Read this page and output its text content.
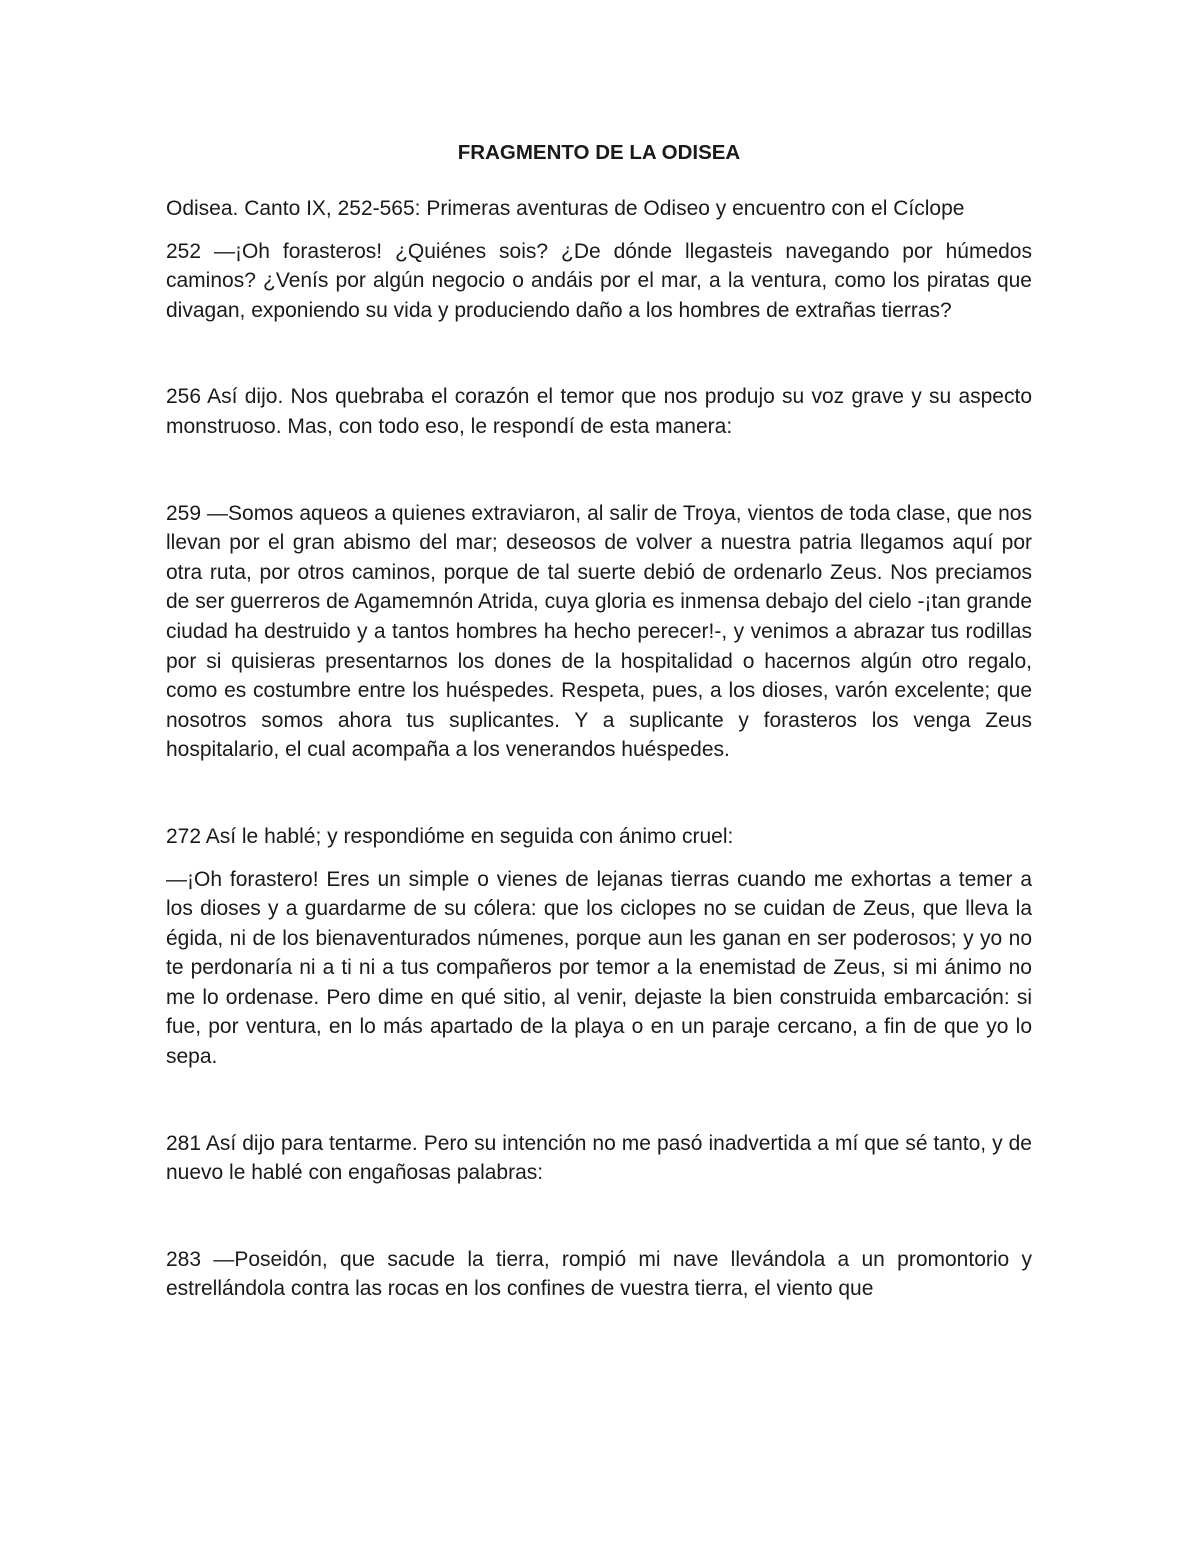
FRAGMENTO DE LA ODISEA

Odisea. Canto IX, 252-565: Primeras aventuras de Odiseo y encuentro con el Cíclope

252 —¡Oh forasteros! ¿Quiénes sois? ¿De dónde llegasteis navegando por húmedos caminos? ¿Venís por algún negocio o andáis por el mar, a la ventura, como los piratas que divagan, exponiendo su vida y produciendo daño a los hombres de extrañas tierras?

256 Así dijo. Nos quebraba el corazón el temor que nos produjo su voz grave y su aspecto monstruoso. Mas, con todo eso, le respondí de esta manera:

259 —Somos aqueos a quienes extraviaron, al salir de Troya, vientos de toda clase, que nos llevan por el gran abismo del mar; deseosos de volver a nuestra patria llegamos aquí por otra ruta, por otros caminos, porque de tal suerte debió de ordenarlo Zeus. Nos preciamos de ser guerreros de Agamemnón Atrida, cuya gloria es inmensa debajo del cielo -¡tan grande ciudad ha destruido y a tantos hombres ha hecho perecer!-, y venimos a abrazar tus rodillas por si quisieras presentarnos los dones de la hospitalidad o hacernos algún otro regalo, como es costumbre entre los huéspedes. Respeta, pues, a los dioses, varón excelente; que nosotros somos ahora tus suplicantes. Y a suplicante y forasteros los venga Zeus hospitalario, el cual acompaña a los venerandos huéspedes.

272 Así le hablé; y respondióme en seguida con ánimo cruel:

—¡Oh forastero! Eres un simple o vienes de lejanas tierras cuando me exhortas a temer a los dioses y a guardarme de su cólera: que los ciclopes no se cuidan de Zeus, que lleva la égida, ni de los bienaventurados númenes, porque aun les ganan en ser poderosos; y yo no te perdonaría ni a ti ni a tus compañeros por temor a la enemistad de Zeus, si mi ánimo no me lo ordenase. Pero dime en qué sitio, al venir, dejaste la bien construida embarcación: si fue, por ventura, en lo más apartado de la playa o en un paraje cercano, a fin de que yo lo sepa.

281 Así dijo para tentarme. Pero su intención no me pasó inadvertida a mí que sé tanto, y de nuevo le hablé con engañosas palabras:

283 —Poseidón, que sacude la tierra, rompió mi nave llevándola a un promontorio y estrellándola contra las rocas en los confines de vuestra tierra, el viento que
